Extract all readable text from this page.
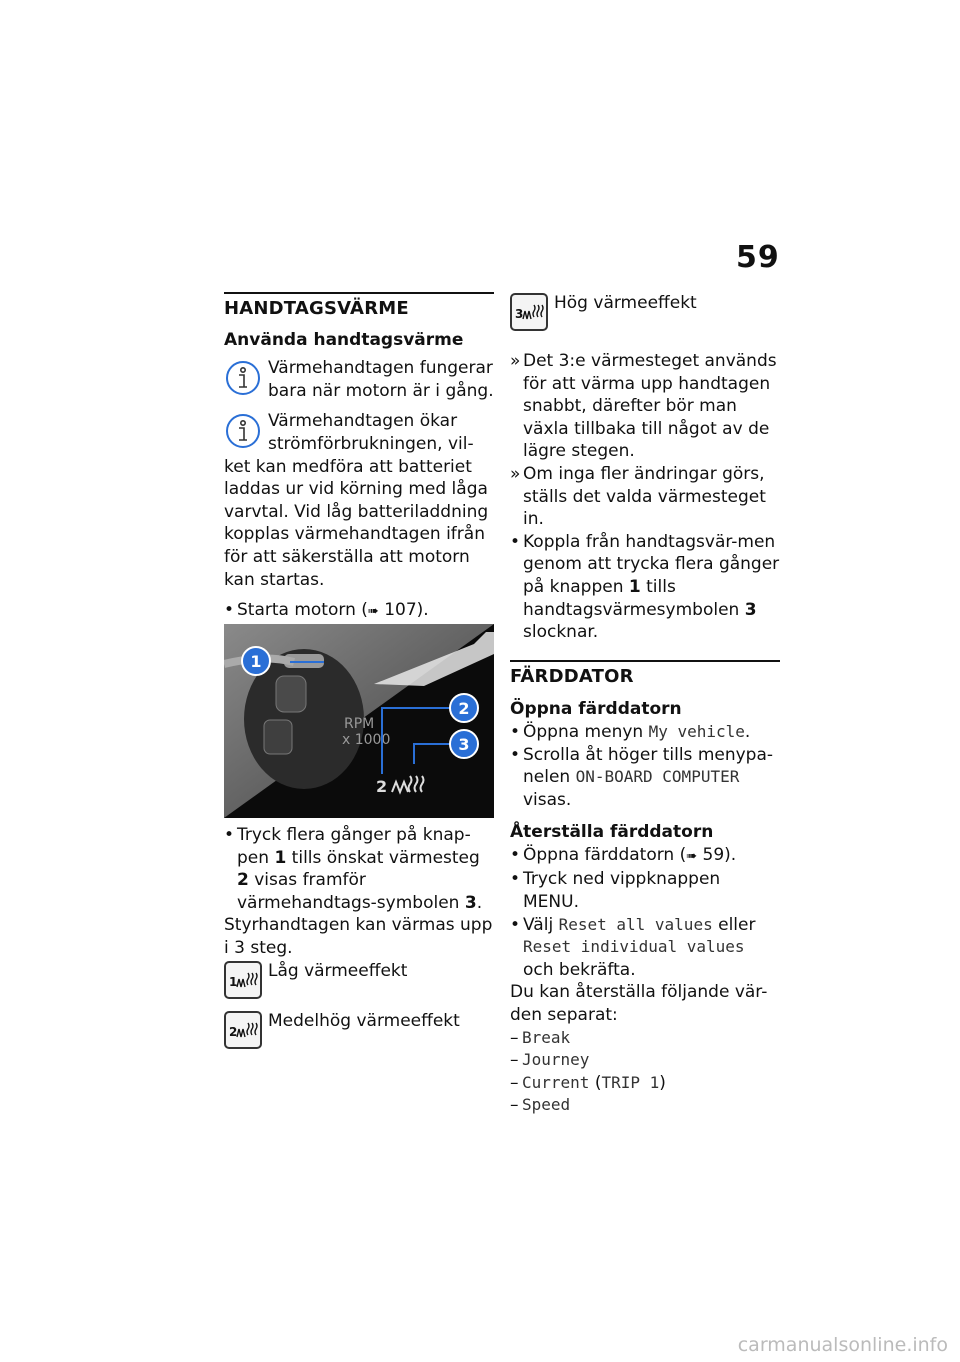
59
HANDTAGSVÄRME
Använda handtagsvärme
Värmehandtagen fungerar bara när motorn är i gång.
Värmehandtagen ökar strömförbrukningen, vil-
ket kan medföra att batteriet laddas ur vid körning med låga varvtal. Vid låg batteriladdning kopplas värmehandtagen ifrån för att säkerställa att motorn kan startas.
• Starta motorn (➠ 107).
1
RPM
x 1000
2
3
2
• Tryck flera gånger på knap-pen 1 tills önskat värmesteg 2 visas framför värmehandtags-symbolen 3.
Styrhandtagen kan värmas upp i 3 steg.
1
Låg värmeeffekt
2
Medelhög värmeeffekt
3
Hög värmeeffekt
» Det 3:e värmesteget används för att värma upp handtagen snabbt, därefter bör man växla tillbaka till något av de lägre stegen.
» Om inga fler ändringar görs, ställs det valda värmesteget in.
• Koppla från handtagsvär-men genom att trycka flera gånger på knappen 1 tills handtagsvärmesymbolen 3 slocknar.
FÄRDDATOR
Öppna färddatorn
• Öppna menyn My vehicle.
• Scrolla åt höger tills menypa-nelen ON-BOARD COMPUTER visas.
Återställa färddatorn
• Öppna färddatorn (➠ 59).
• Tryck ned vippknappen MENU.
• Välj Reset all values eller Reset individual values och bekräfta.
Du kan återställa följande vär-den separat:
– Break
– Journey
– Current (TRIP 1)
– Speed
carmanualsonline.info
